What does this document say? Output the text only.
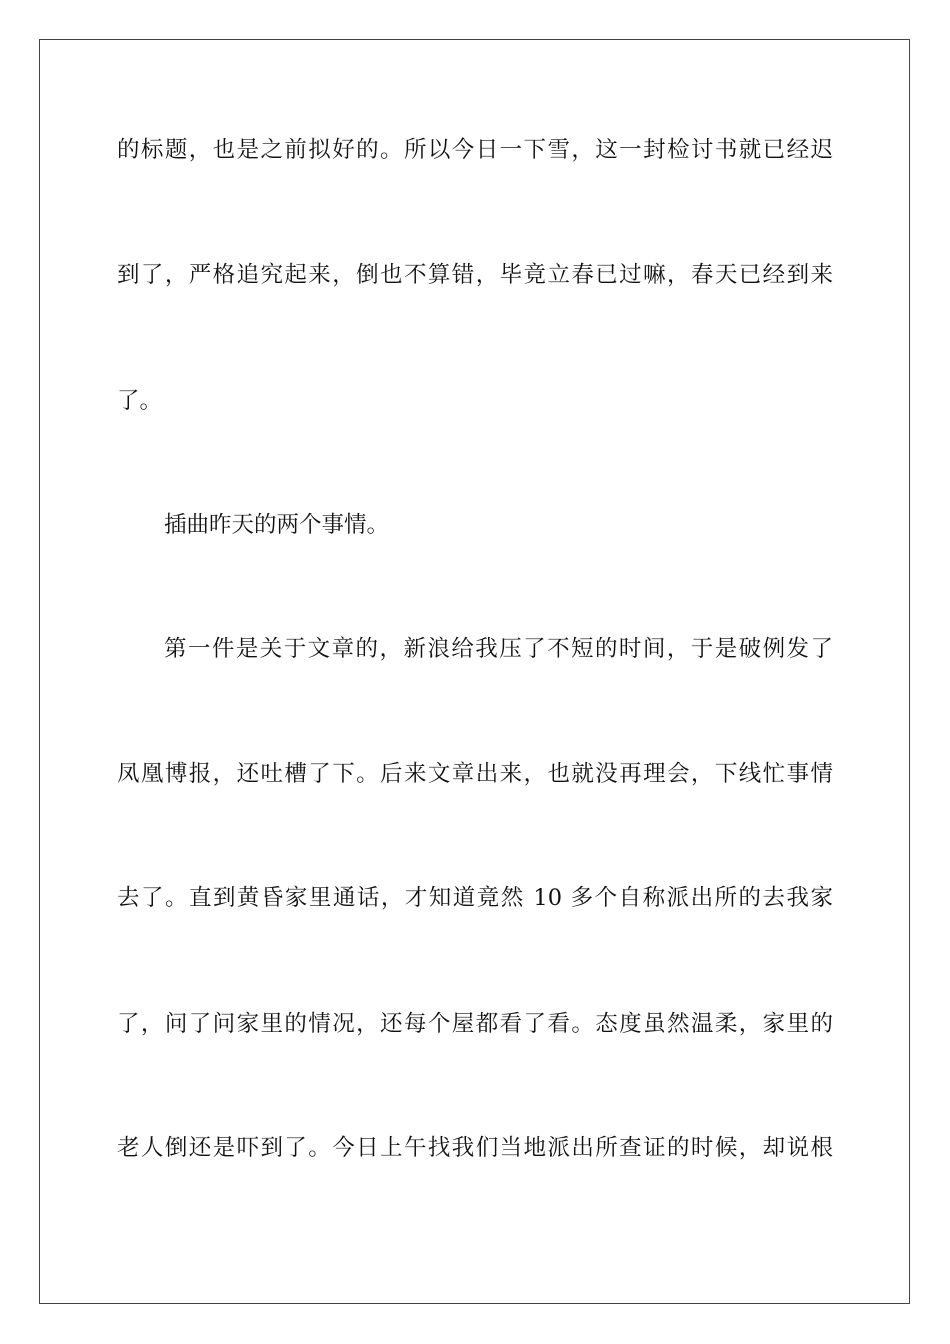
的标题，也是之前拟好的。所以今日一下雪，这一封检讨书就已经迟

到了，严格追究起来，倒也不算错，毕竟立春已过嘛，春天已经到来

了。

插曲昨天的两个事情。

第一件是关于文章的，新浪给我压了不短的时间，于是破例发了

凤凰博报，还吐槽了下。后来文章出来，也就没再理会，下线忙事情

去了。直到黄昏家里通话，才知道竟然 10 多个自称派出所的去我家

了，问了问家里的情况，还每个屋都看了看。态度虽然温柔，家里的

老人倒还是吓到了。今日上午找我们当地派出所查证的时候，却说根
